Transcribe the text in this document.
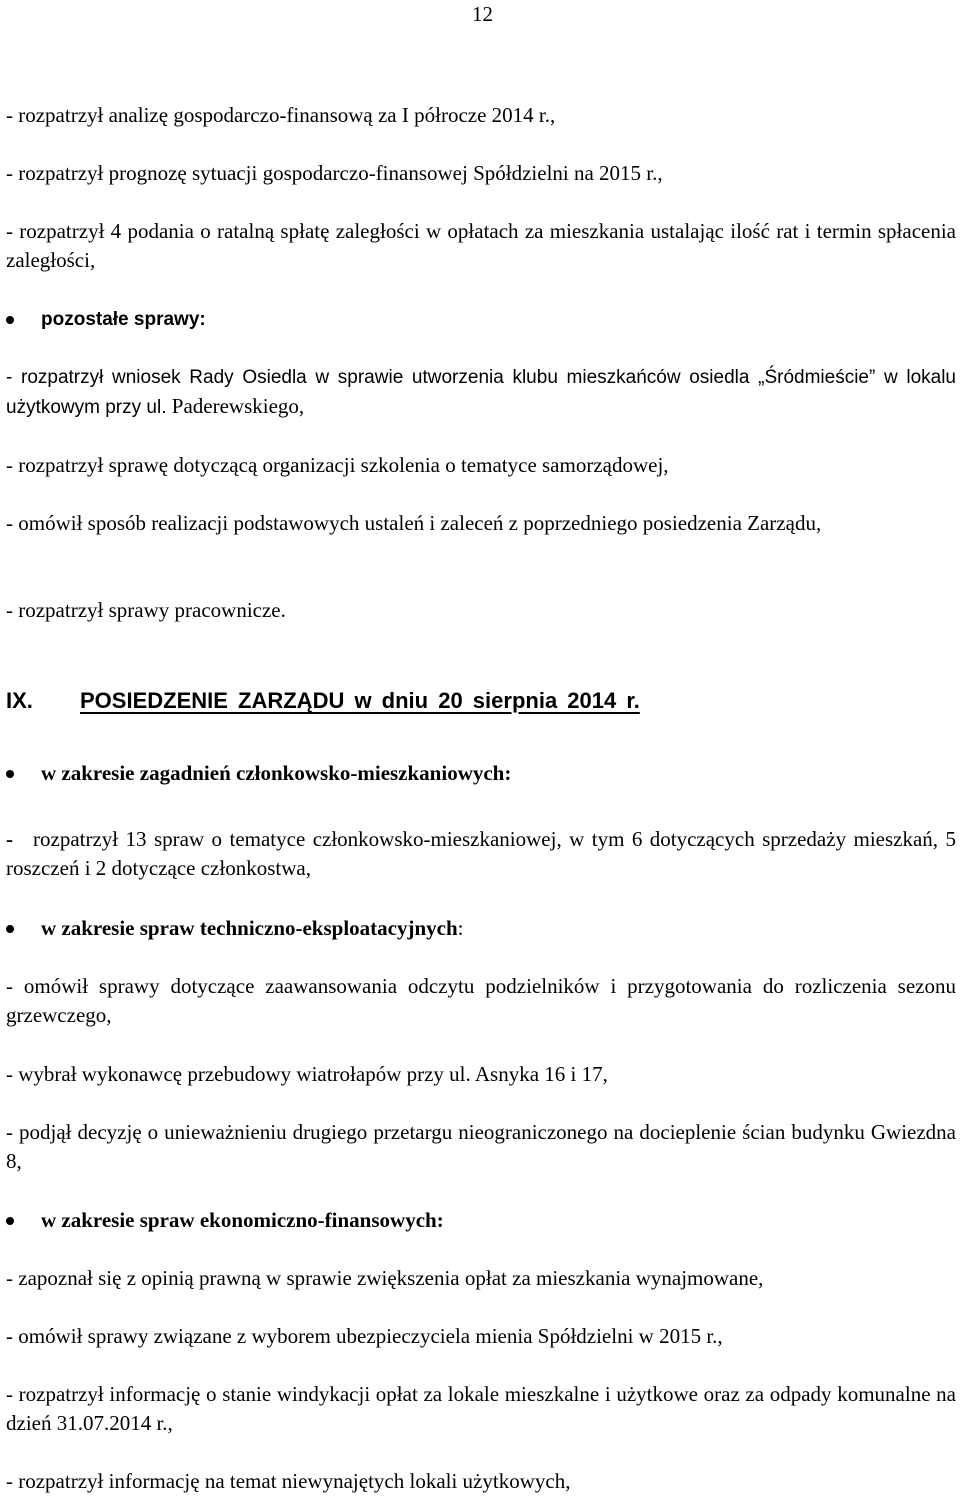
12
- rozpatrzył analizę gospodarczo-finansową za I półrocze 2014 r.,
- rozpatrzył prognozę sytuacji gospodarczo-finansowej Spółdzielni na 2015 r.,
- rozpatrzył 4 podania o ratalną spłatę zaległości w opłatach za mieszkania ustalając ilość rat i termin spłacenia zaległości,
pozostałe sprawy:
- rozpatrzył wniosek Rady Osiedla w sprawie utworzenia klubu mieszkańców osiedla „Śródmieście” w lokalu użytkowym przy ul. Paderewskiego,
- rozpatrzył sprawę dotyczącą organizacji szkolenia o tematyce samorządowej,
- omówił sposób realizacji podstawowych ustaleń i zaleceń z poprzedniego posiedzenia Zarządu,
- rozpatrzył sprawy pracownicze.
IX. POSIEDZENIE ZARZĄDU w dniu 20 sierpnia 2014 r.
w zakresie zagadnień członkowsko-mieszkaniowych:
- rozpatrzył 13 spraw o tematyce członkowsko-mieszkaniowej, w tym 6 dotyczących sprzedaży mieszkań, 5 roszczeń i 2 dotyczące członkostwa,
w zakresie spraw techniczno-eksploatacyjnych:
- omówił sprawy dotyczące zaawansowania odczytu podzielników i przygotowania do rozliczenia sezonu grzewczego,
- wybrał wykonawcę przebudowy wiatrołapów przy ul. Asnyka 16 i 17,
- podjął decyzję o unieważnieniu drugiego przetargu nieograniczonego na docieplenie ścian budynku Gwiezdna 8,
w zakresie spraw ekonomiczno-finansowych:
- zapoznał się z opinią prawną w sprawie zwiększenia opłat za mieszkania wynajmowane,
- omówił sprawy związane z wyborem ubezpieczyciela mienia Spółdzielni w 2015 r.,
- rozpatrzył informację o stanie windykacji opłat za lokale mieszkalne i użytkowe oraz za odpady komunalne na dzień 31.07.2014 r.,
- rozpatrzył informację na temat niewynajętych lokali użytkowych,
